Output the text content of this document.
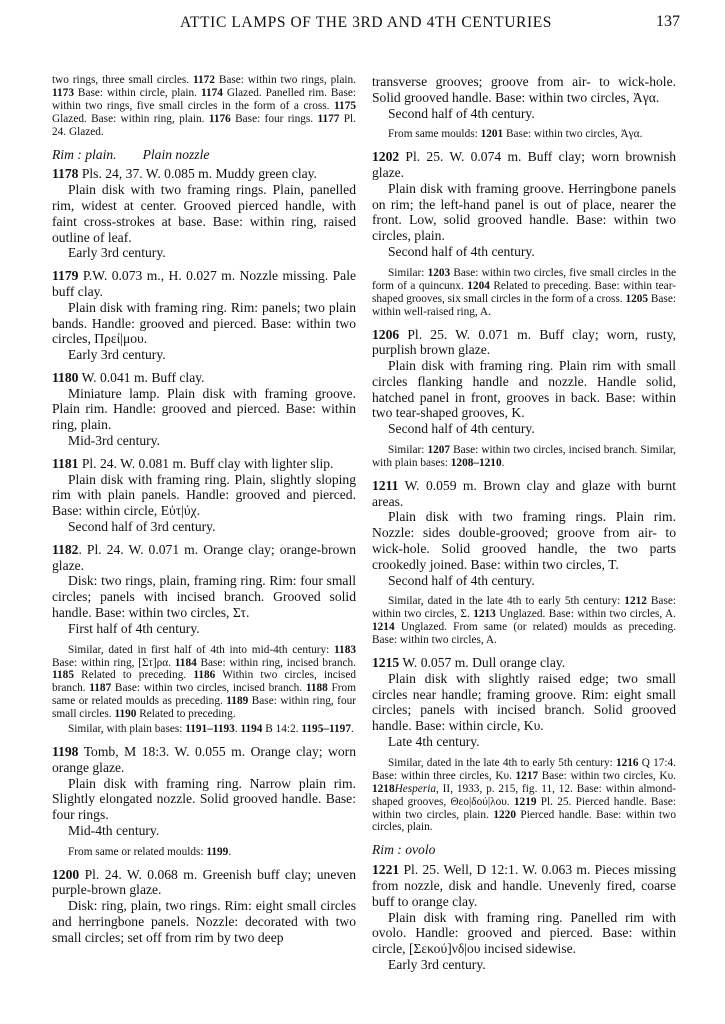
ATTIC LAMPS OF THE 3RD AND 4TH CENTURIES	137

two rings, three small circles. 1172 Base: within two rings, plain. 1173 Base: within circle, plain. 1174 Glazed. Panelled rim. Base: within two rings, five small circles in the form of a cross. 1175 Glazed. Base: within ring, plain. 1176 Base: four rings. 1177 Pl. 24. Glazed.

Rim : plain. Plain nozzle

1178 Pls. 24, 37. W. 0.085 m. Muddy green clay.

Plain disk with two framing rings. Plain, panelled rim, widest at center. Grooved pierced handle, with faint cross-strokes at base. Base: within ring, raised outline of leaf.

Early 3rd century.

1179 P.W. 0.073 m., H. 0.027 m. Nozzle missing. Pale buff clay.

Plain disk with framing ring. Rim: panels; two plain bands. Handle: grooved and pierced. Base: within two circles, Πρεί|μου.

Early 3rd century.

1180 W. 0.041 m. Buff clay.

Miniature lamp. Plain disk with framing groove. Plain rim. Handle: grooved and pierced. Base: within ring, plain.

Mid-3rd century.

1181 Pl. 24. W. 0.081 m. Buff clay with lighter slip.

Plain disk with framing ring. Plain, slightly sloping rim with plain panels. Handle: grooved and pierced. Base: within circle, Εὐτ|ύχ.

Second half of 3rd century.

1182. Pl. 24. W. 0.071 m. Orange clay; orange-brown glaze.

Disk: two rings, plain, framing ring. Rim: four small circles; panels with incised branch. Grooved solid handle. Base: within two circles, Στ.

First half of 4th century.

Similar, dated in first half of 4th into mid-4th century: 1183 Base: within ring, [Στ]ρα. 1184 Base: within ring, incised branch. 1185 Related to preceding. 1186 Within two circles, incised branch. 1187 Base: within two circles, incised branch. 1188 From same or related moulds as preceding. 1189 Base: within ring, four small circles. 1190 Related to preceding.

Similar, with plain bases: 1191–1193. 1194 B 14:2. 1195–1197.

1198 Tomb, M 18:3. W. 0.055 m. Orange clay; worn orange glaze.

Plain disk with framing ring. Narrow plain rim. Slightly elongated nozzle. Solid grooved handle. Base: four rings.

Mid-4th century.

From same or related moulds: 1199.

1200 Pl. 24. W. 0.068 m. Greenish buff clay; uneven purple-brown glaze.

Disk: ring, plain, two rings. Rim: eight small circles and herringbone panels. Nozzle: decorated with two small circles; set off from rim by two deep

transverse grooves; groove from air- to wick-hole. Solid grooved handle. Base: within two circles, Ἀγα.

Second half of 4th century.

From same moulds: 1201 Base: within two circles, Ἀγα.

1202 Pl. 25. W. 0.074 m. Buff clay; worn brownish glaze.

Plain disk with framing groove. Herringbone panels on rim; the left-hand panel is out of place, nearer the front. Low, solid grooved handle. Base: within two circles, plain.

Second half of 4th century.

Similar: 1203 Base: within two circles, five small circles in the form of a quincunx. 1204 Related to preceding. Base: within tear-shaped grooves, six small circles in the form of a cross. 1205 Base: within well-raised ring, A.

1206 Pl. 25. W. 0.071 m. Buff clay; worn, rusty, purplish brown glaze.

Plain disk with framing ring. Plain rim with small circles flanking handle and nozzle. Handle solid, hatched panel in front, grooves in back. Base: within two tear-shaped grooves, K.

Second half of 4th century.

Similar: 1207 Base: within two circles, incised branch. Similar, with plain bases: 1208–1210.

1211 W. 0.059 m. Brown clay and glaze with burnt areas.

Plain disk with two framing rings. Plain rim. Nozzle: sides double-grooved; groove from air- to wick-hole. Solid grooved handle, the two parts crookedly joined. Base: within two circles, T.

Second half of 4th century.

Similar, dated in the late 4th to early 5th century: 1212 Base: within two circles, Σ. 1213 Unglazed. Base: within two circles, A. 1214 Unglazed. From same (or related) moulds as preceding. Base: within two circles, A.

1215 W. 0.057 m. Dull orange clay.

Plain disk with slightly raised edge; two small circles near handle; framing groove. Rim: eight small circles; panels with incised branch. Solid grooved handle. Base: within circle, Κυ.

Late 4th century.

Similar, dated in the late 4th to early 5th century: 1216 Q 17:4. Base: within three circles, Κυ. 1217 Base: within two circles, Κυ. 1218Hesperia, II, 1933, p. 215, fig. 11, 12. Base: within almond-shaped grooves, Θεο|δού|λου. 1219 Pl. 25. Pierced handle. Base: within two circles, plain. 1220 Pierced handle. Base: within two circles, plain.

Rim : ovolo

1221 Pl. 25. Well, D 12:1. W. 0.063 m. Pieces missing from nozzle, disk and handle. Unevenly fired, coarse buff to orange clay.

Plain disk with framing ring. Panelled rim with ovolo. Handle: grooved and pierced. Base: within circle, [Σεκού]νδ|ου incised sidewise.

Early 3rd century.
